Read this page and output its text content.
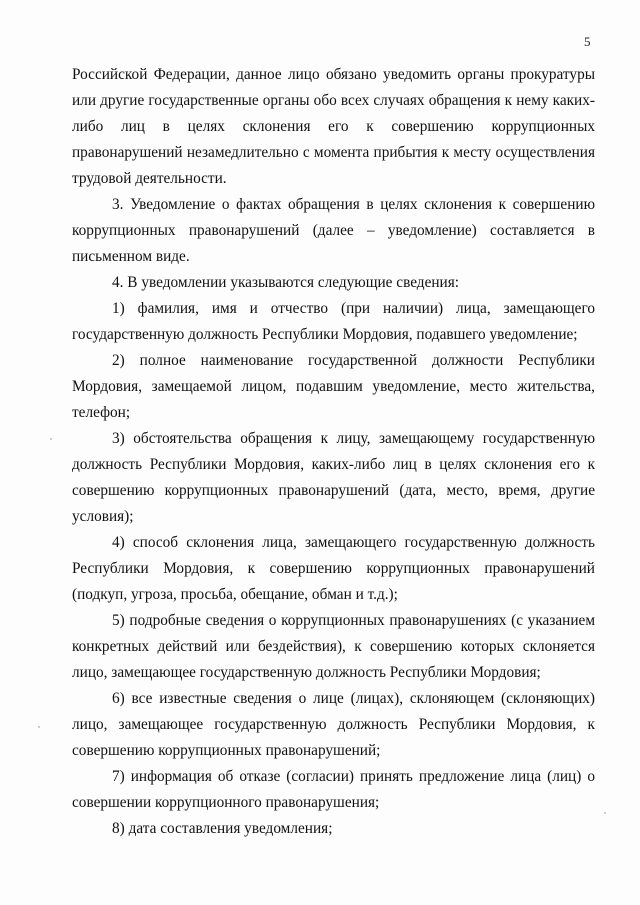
5

Российской Федерации, данное лицо обязано уведомить органы прокуратуры или другие государственные органы обо всех случаях обращения к нему каких-либо лиц в целях склонения его к совершению коррупционных правонарушений незамедлительно с момента прибытия к месту осуществления трудовой деятельности.

3. Уведомление о фактах обращения в целях склонения к совершению коррупционных правонарушений (далее – уведомление) составляется в письменном виде.

4. В уведомлении указываются следующие сведения:

1) фамилия, имя и отчество (при наличии) лица, замещающего государственную должность Республики Мордовия, подавшего уведомление;

2) полное наименование государственной должности Республики Мордовия, замещаемой лицом, подавшим уведомление, место жительства, телефон;

3) обстоятельства обращения к лицу, замещающему государственную должность Республики Мордовия, каких-либо лиц в целях склонения его к совершению коррупционных правонарушений (дата, место, время, другие условия);

4) способ склонения лица, замещающего государственную должность Республики Мордовия, к совершению коррупционных правонарушений (подкуп, угроза, просьба, обещание, обман и т.д.);

5) подробные сведения о коррупционных правонарушениях (с указанием конкретных действий или бездействия), к совершению которых склоняется лицо, замещающее государственную должность Республики Мордовия;

6) все известные сведения о лице (лицах), склоняющем (склоняющих) лицо, замещающее государственную должность Республики Мордовия, к совершению коррупционных правонарушений;

7) информация об отказе (согласии) принять предложение лица (лиц) о совершении коррупционного правонарушения;

8) дата составления уведомления;
